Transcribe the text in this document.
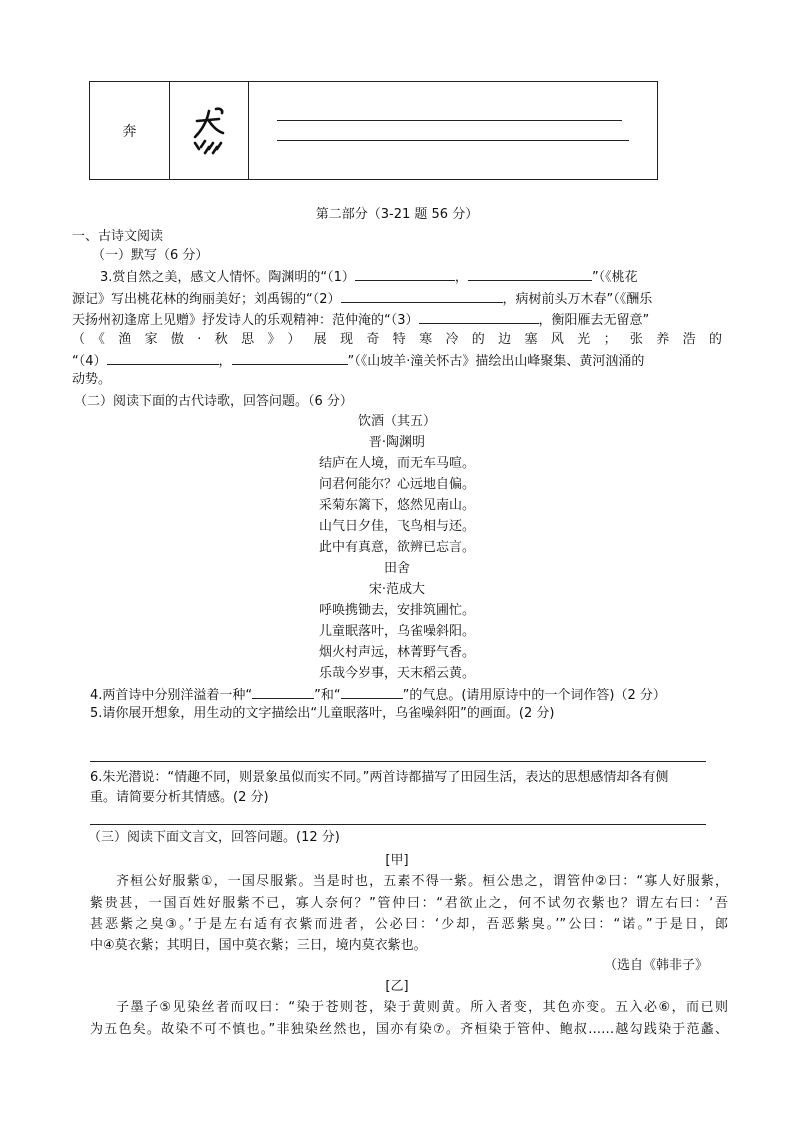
奔
第二部分（3-21 题 56 分）
一、古诗文阅读
（一）默写（6 分）
3.赏自然之美，感文人情怀。陶渊明的“（1）	，	”（《桃花
源记》写出桃花林的绚丽美好；刘禹锡的“（2）	，病树前头万木春”（《酬乐
天扬州初逢席上见赠》抒发诗人的乐观精神：范仲淹的“（3）	，衡阳雁去无留意”
（《渔家傲·秋思》）展现奇特寒冷的边塞风光；张养浩的
“（4）	，	”（《山坡羊·潼关怀古》描绘出山峰聚集、黄河汹涌的
动势。
（二）阅读下面的古代诗歌，回答问题。（6 分）
饮酒（其五）
晋·陶渊明
结庐在人境，而无车马喧。
问君何能尔？心远地自偏。
采菊东篱下，悠然见南山。
山气日夕佳，飞鸟相与还。
此中有真意，欲辨已忘言。
田舍
宋·范成大
呼唤携锄去，安排筑圃忙。
儿童眠落叶，乌雀噪斜阳。
烟火村声远，林菁野气香。
乐哉今岁事，天末稻云黄。
4.两首诗中分别洋溢着一种“	”和“	”的气息。(请用原诗中的一个词作答)（2 分）
5.请你展开想象，用生动的文字描绘出“儿童眠落叶，乌雀噪斜阳”的画面。(2 分)
6.朱光潜说：“情趣不同，则景象虽似而实不同。”两首诗都描写了田园生活，表达的思想感情却各有侧
重。请简要分析其情感。(2 分)
（三）阅读下面文言文，回答问题。(12 分)
[甲]
齐桓公好服紫①，一国尽服紫。当是时也，五素不得一紫。桓公患之，谓管仲②曰：“寡人好服紫，
紫贵甚，一国百姓好服紫不已，寡人奈何？”管仲曰：“君欲止之，何不试勿衣紫也？谓左右曰：‘吾
甚恶紫之臭③。’于是左右适有衣紫而进者，公必曰：‘少却，吾恶紫臭。’”公曰：“诺。”于是日，郎
中④莫衣紫；其明日，国中莫衣紫；三日，境内莫衣紫也。
（选自《韩非子》
[乙]
子墨子⑤见染丝者而叹曰：“染于苍则苍，染于黄则黄。所入者变，其色亦变。五入必⑥，而已则
为五色矣。故染不可不慎也。”非独染丝然也，国亦有染⑦。齐桓染于管仲、鲍叔……越勾践染于范蠡、
